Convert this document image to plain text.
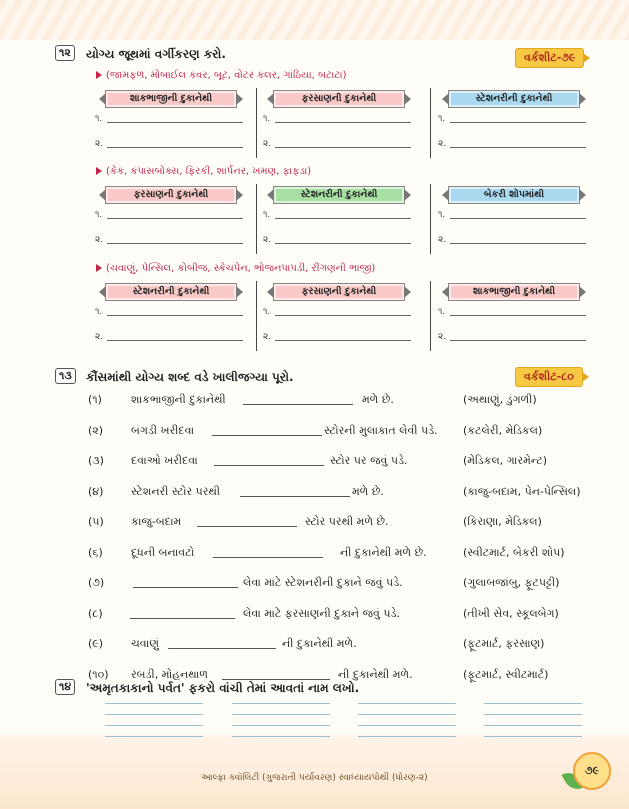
૧૨	યોગ્ય જૂથમાં વર્ગીકરણ કરો.	વર્કશીટ-૭૯
(જામફળ, મોબાઈલ કવર, બૂટ, વોટર કલર, ગાંઠિયા, બટાટા)
(કેક, કંપાસબોક્સ, ફિરકી, શાર્પનર, ખમણ, ફાફડા)
(ચવાણું, પેન્સિલ, કોબીજ, સ્કેચપેન, ભોજનપાપડી, રીંગણની ભાજી)
૧૩	કૌંસમાંથી યોગ્ય શબ્દ વડે ખાલીજગ્યા પૂરો.	વર્કશીટ-૮૦
૧૪	'અમૃતકાકાનો પર્વત' ફકરો વાંચી તેમાં આવતાં નામ લખો.
આલ્ફા ક્વૉલિટી (ગુજરાતી પર્યાવરણ) સ્વાધ્યાયપોથી (ધોરણ-૨)
૭૯
શાકભાજીની દુકાનેથી
૧.
૨.
ફરસાણની દુકાનેથી
૧.
૨.
સ્ટેશનરીની દુકાનેથી
૧.
૨.
ફરસાણની દુકાનેથી
૧.
૨.
સ્ટેશનરીની દુકાનેથી
૧.
૨.
બેકરી શોપમાંથી
૧.
૨.
સ્ટેશનરીની દુકાનેથી
૧.
૨.
ફરસાણની દુકાનેથી
૧.
૨.
શાકભાજીની દુકાનેથી
૧.
૨.
(૧)	શાકભાજીની દુકાનેથી	મળે છે.	(અથાણું, ડુંગળી)
(૨)	બંગડી ખરીદવા	સ્ટોરની મુલાકાત લેવી પડે. (કટલેરી, મેડિકલ)
(૩) દવાઓ ખરીદવા	સ્ટોર પર જવું પડે.	(મેડિકલ, ગારમેન્ટ)
(૪)	સ્ટેશનરી સ્ટોર પરથી	મળે છે.	(કાજુ-બદામ, પેન-પેન્સિલ)
(૫) કાજુ-બદામ	સ્ટોર પરથી મળે છે.	(કિરાણા, મેડિકલ)
(૬)	દૂધની બનાવટો	ની દુકાનેથી મળે છે.	(સ્વીટમાર્ટ, બેકરી શોપ)
(૭)	લેવા માટે સ્ટેશનરીની દુકાને જવું પડે.	(ગુલાબજાંબુ, ફૂટપટ્ટી)
(૮)	લેવા માટે ફરસાણની દુકાને જવું પડે.	(તીખી સેવ, સ્કૂલબેગ)
(૯)	ચવાણું	ની દુકાનેથી મળે.	(ફૂટમાર્ટ, ફરસાણ)
(૧૦) રબડી, મોહનથાળ	ની દુકાનેથી મળે.	(ફૂટમાર્ટ, સ્વીટમાર્ટ)
